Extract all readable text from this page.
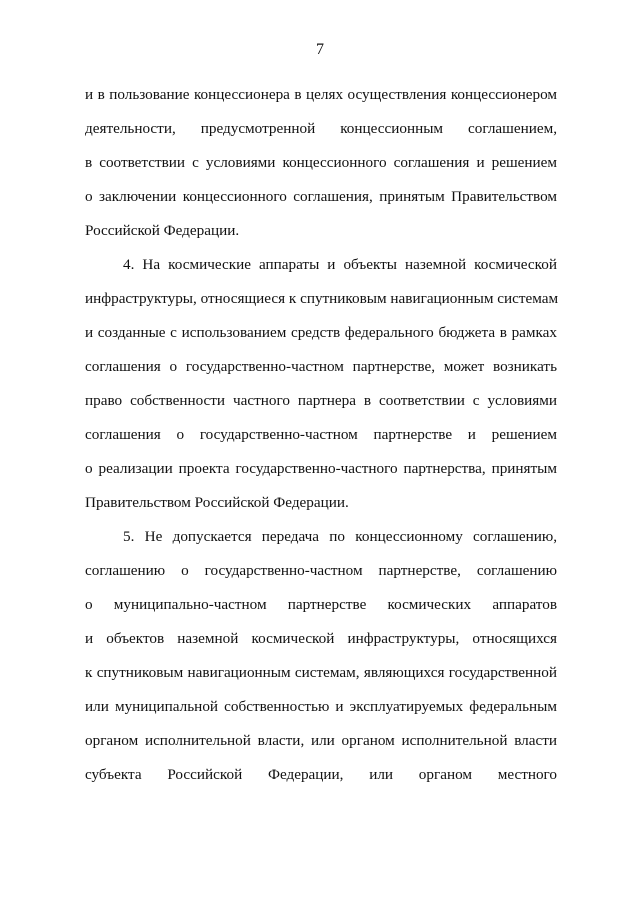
7
и в пользование концессионера в целях осуществления концессионером
деятельности, предусмотренной концессионным соглашением,
в соответствии с условиями концессионного соглашения и решением
о заключении концессионного соглашения, принятым Правительством
Российской Федерации.
4. На космические аппараты и объекты наземной космической
инфраструктуры, относящиеся к спутниковым навигационным системам
и созданные с использованием средств федерального бюджета в рамках
соглашения о государственно-частном партнерстве, может возникать
право собственности частного партнера в соответствии с условиями
соглашения о государственно-частном партнерстве и решением
о реализации проекта государственно-частного партнерства, принятым
Правительством Российской Федерации.
5. Не допускается передача по концессионному соглашению,
соглашению о государственно-частном партнерстве, соглашению
о муниципально-частном партнерстве космических аппаратов
и объектов наземной космической инфраструктуры, относящихся
к спутниковым навигационным системам, являющихся государственной
или муниципальной собственностью и эксплуатируемых федеральным
органом исполнительной власти, или органом исполнительной власти
субъекта Российской Федерации, или органом местного
